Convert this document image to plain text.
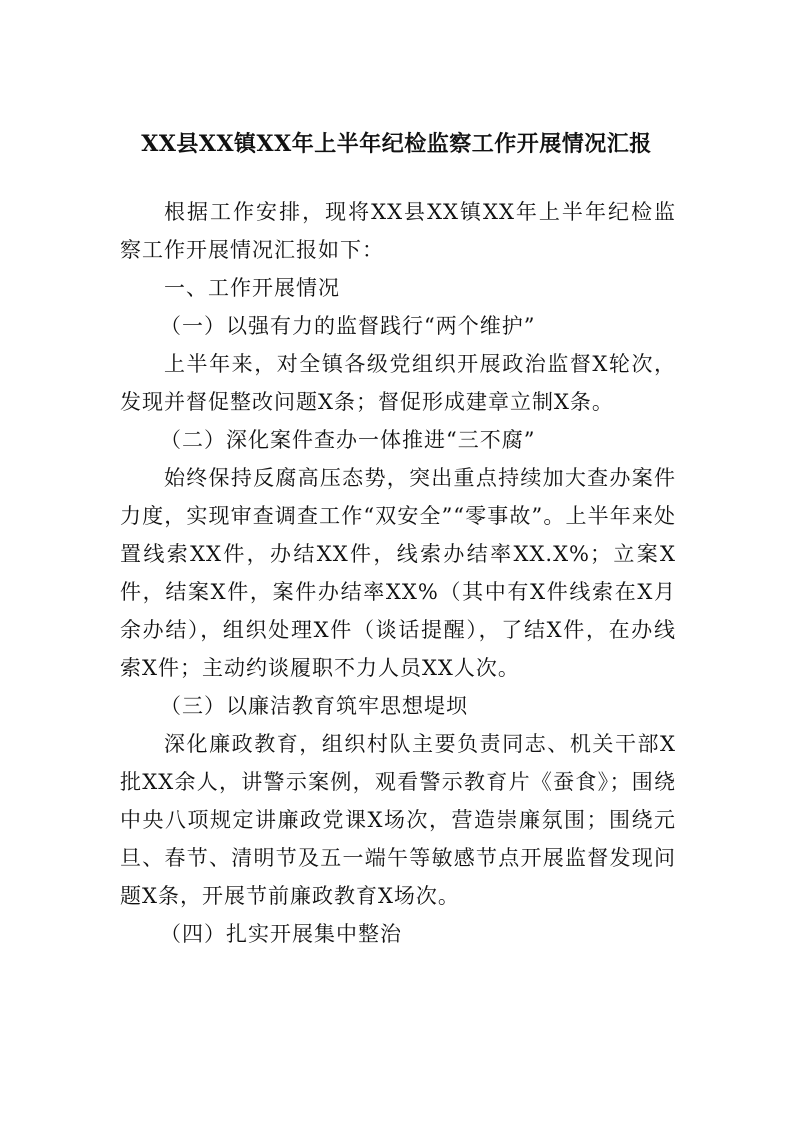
XX县XX镇XX年上半年纪检监察工作开展情况汇报

根据工作安排，现将XX县XX镇XX年上半年纪检监察工作开展情况汇报如下：

一、工作开展情况

（一）以强有力的监督践行“两个维护”

上半年来，对全镇各级党组织开展政治监督X轮次，发现并督促整改问题X条；督促形成建章立制X条。

（二）深化案件查办一体推进“三不腐”

始终保持反腐高压态势，突出重点持续加大查办案件力度，实现审查调查工作“双安全”“零事故”。上半年来处置线索XX件，办结XX件，线索办结率XX.X%；立案X件，结案X件，案件办结率XX%（其中有X件线索在X月余办结），组织处理X件（谈话提醒），了结X件，在办线索X件；主动约谈履职不力人员XX人次。

（三）以廉洁教育筑牢思想堤坝

深化廉政教育，组织村队主要负责同志、机关干部X批XX余人，讲警示案例，观看警示教育片《蚕食》；围绕中央八项规定讲廉政党课X场次，营造崇廉氛围；围绕元旦、春节、清明节及五一端午等敏感节点开展监督发现问题X条，开展节前廉政教育X场次。

（四）扎实开展集中整治
